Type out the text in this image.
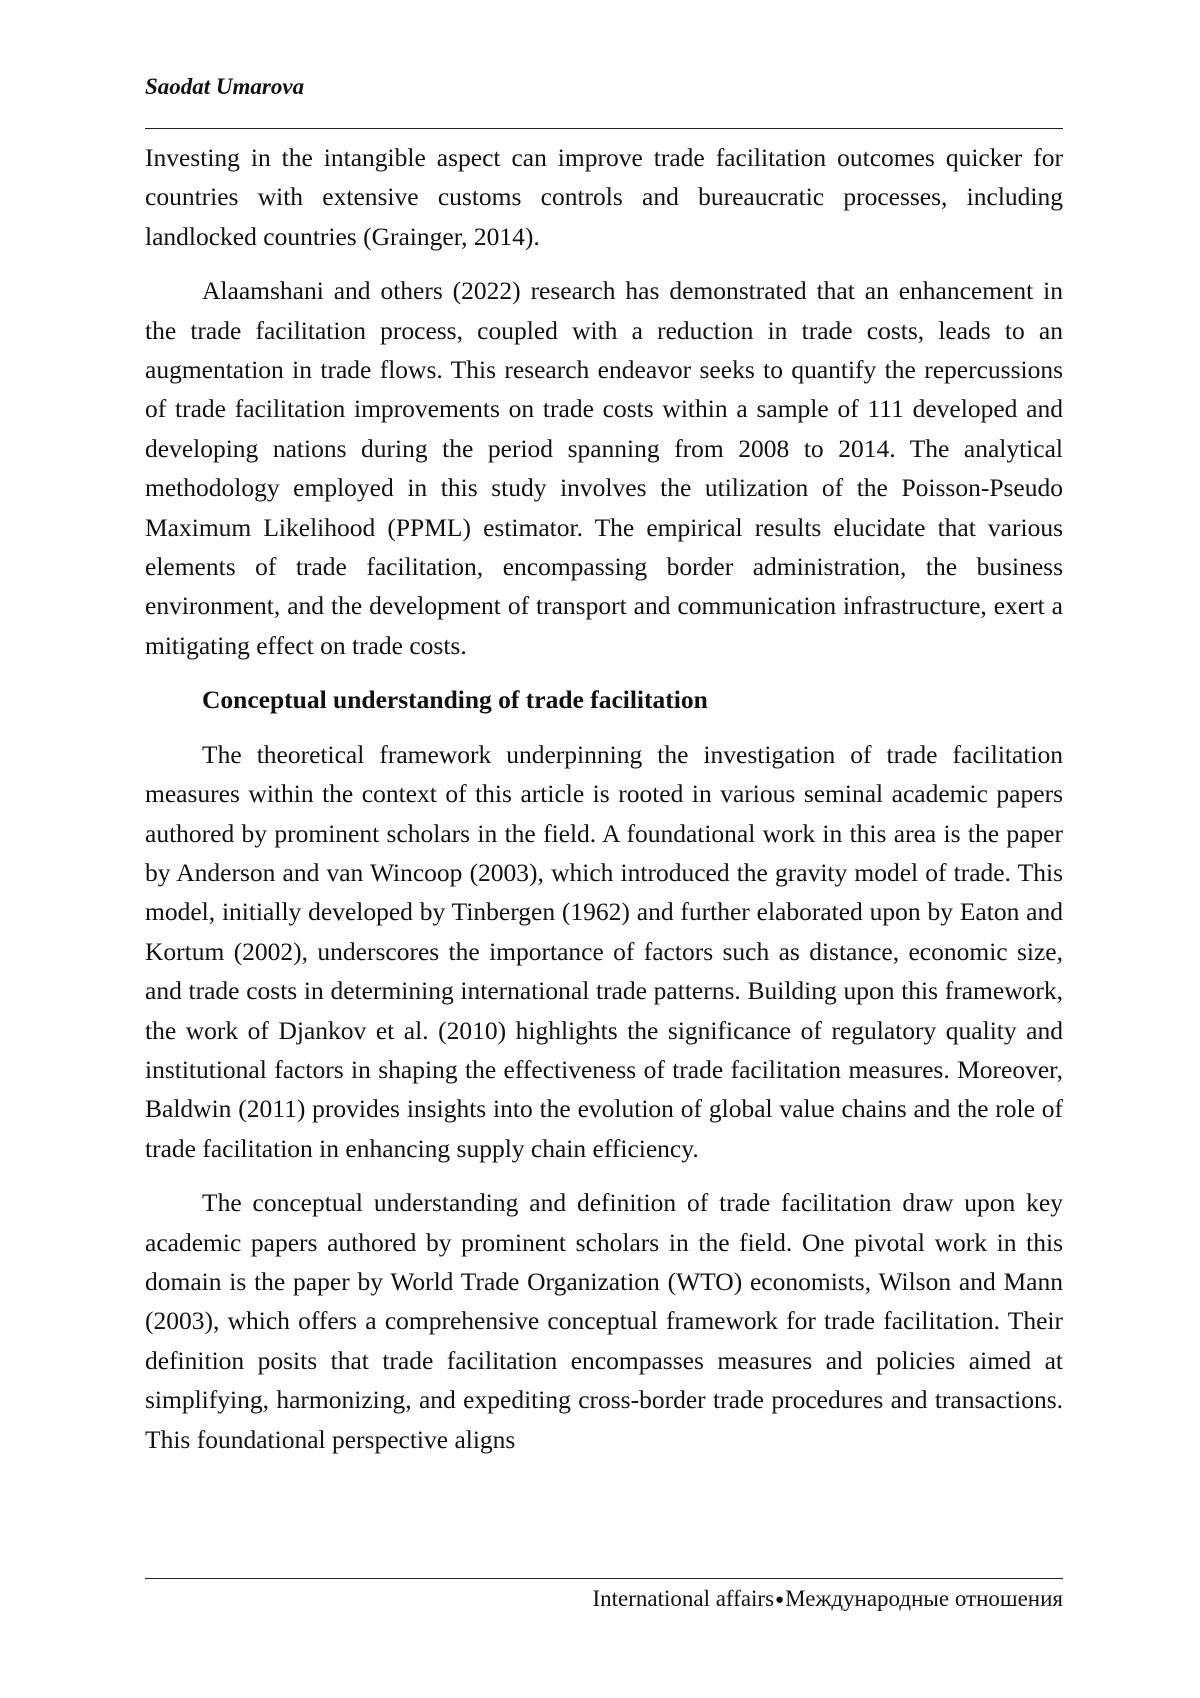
Saodat Umarova

Investing in the intangible aspect can improve trade facilitation outcomes quicker for countries with extensive customs controls and bureaucratic processes, including landlocked countries (Grainger, 2014).

Alaamshani and others (2022) research has demonstrated that an enhancement in the trade facilitation process, coupled with a reduction in trade costs, leads to an augmentation in trade flows. This research endeavor seeks to quantify the repercussions of trade facilitation improvements on trade costs within a sample of 111 developed and developing nations during the period spanning from 2008 to 2014. The analytical methodology employed in this study involves the utilization of the Poisson-Pseudo Maximum Likelihood (PPML) estimator. The empirical results elucidate that various elements of trade facilitation, encompassing border administration, the business environment, and the development of transport and communication infrastructure, exert a mitigating effect on trade costs.

Conceptual understanding of trade facilitation

The theoretical framework underpinning the investigation of trade facilitation measures within the context of this article is rooted in various seminal academic papers authored by prominent scholars in the field. A foundational work in this area is the paper by Anderson and van Wincoop (2003), which introduced the gravity model of trade. This model, initially developed by Tinbergen (1962) and further elaborated upon by Eaton and Kortum (2002), underscores the importance of factors such as distance, economic size, and trade costs in determining international trade patterns. Building upon this framework, the work of Djankov et al. (2010) highlights the significance of regulatory quality and institutional factors in shaping the effectiveness of trade facilitation measures. Moreover, Baldwin (2011) provides insights into the evolution of global value chains and the role of trade facilitation in enhancing supply chain efficiency.

The conceptual understanding and definition of trade facilitation draw upon key academic papers authored by prominent scholars in the field. One pivotal work in this domain is the paper by World Trade Organization (WTO) economists, Wilson and Mann (2003), which offers a comprehensive conceptual framework for trade facilitation. Their definition posits that trade facilitation encompasses measures and policies aimed at simplifying, harmonizing, and expediting cross-border trade procedures and transactions. This foundational perspective aligns

International affairs●Международные отношения
